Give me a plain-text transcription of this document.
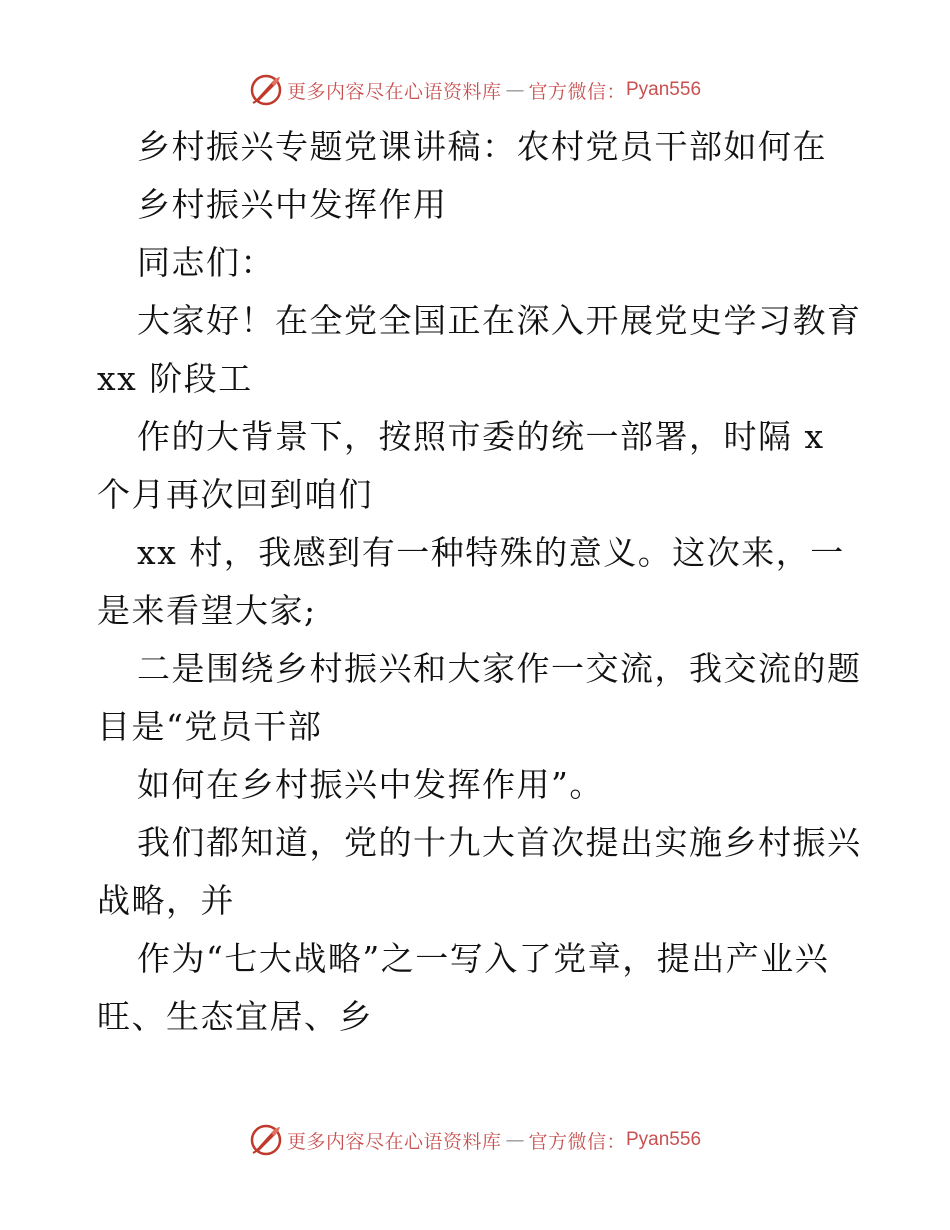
更多内容尽在心语资料库 — 官方微信： Pyan556
乡村振兴专题党课讲稿：农村党员干部如何在
乡村振兴中发挥作用
同志们：
大家好！在全党全国正在深入开展党史学习教育
xx 阶段工
作的大背景下，按照市委的统一部署，时隔 x
个月再次回到咱们
xx 村，我感到有一种特殊的意义。这次来，一
是来看望大家;
二是围绕乡村振兴和大家作一交流，我交流的题
目是“党员干部
如何在乡村振兴中发挥作用”。
我们都知道，党的十九大首次提出实施乡村振兴
战略，并
作为“七大战略”之一写入了党章，提出产业兴
旺、生态宜居、乡
更多内容尽在心语资料库 — 官方微信： Pyan556
